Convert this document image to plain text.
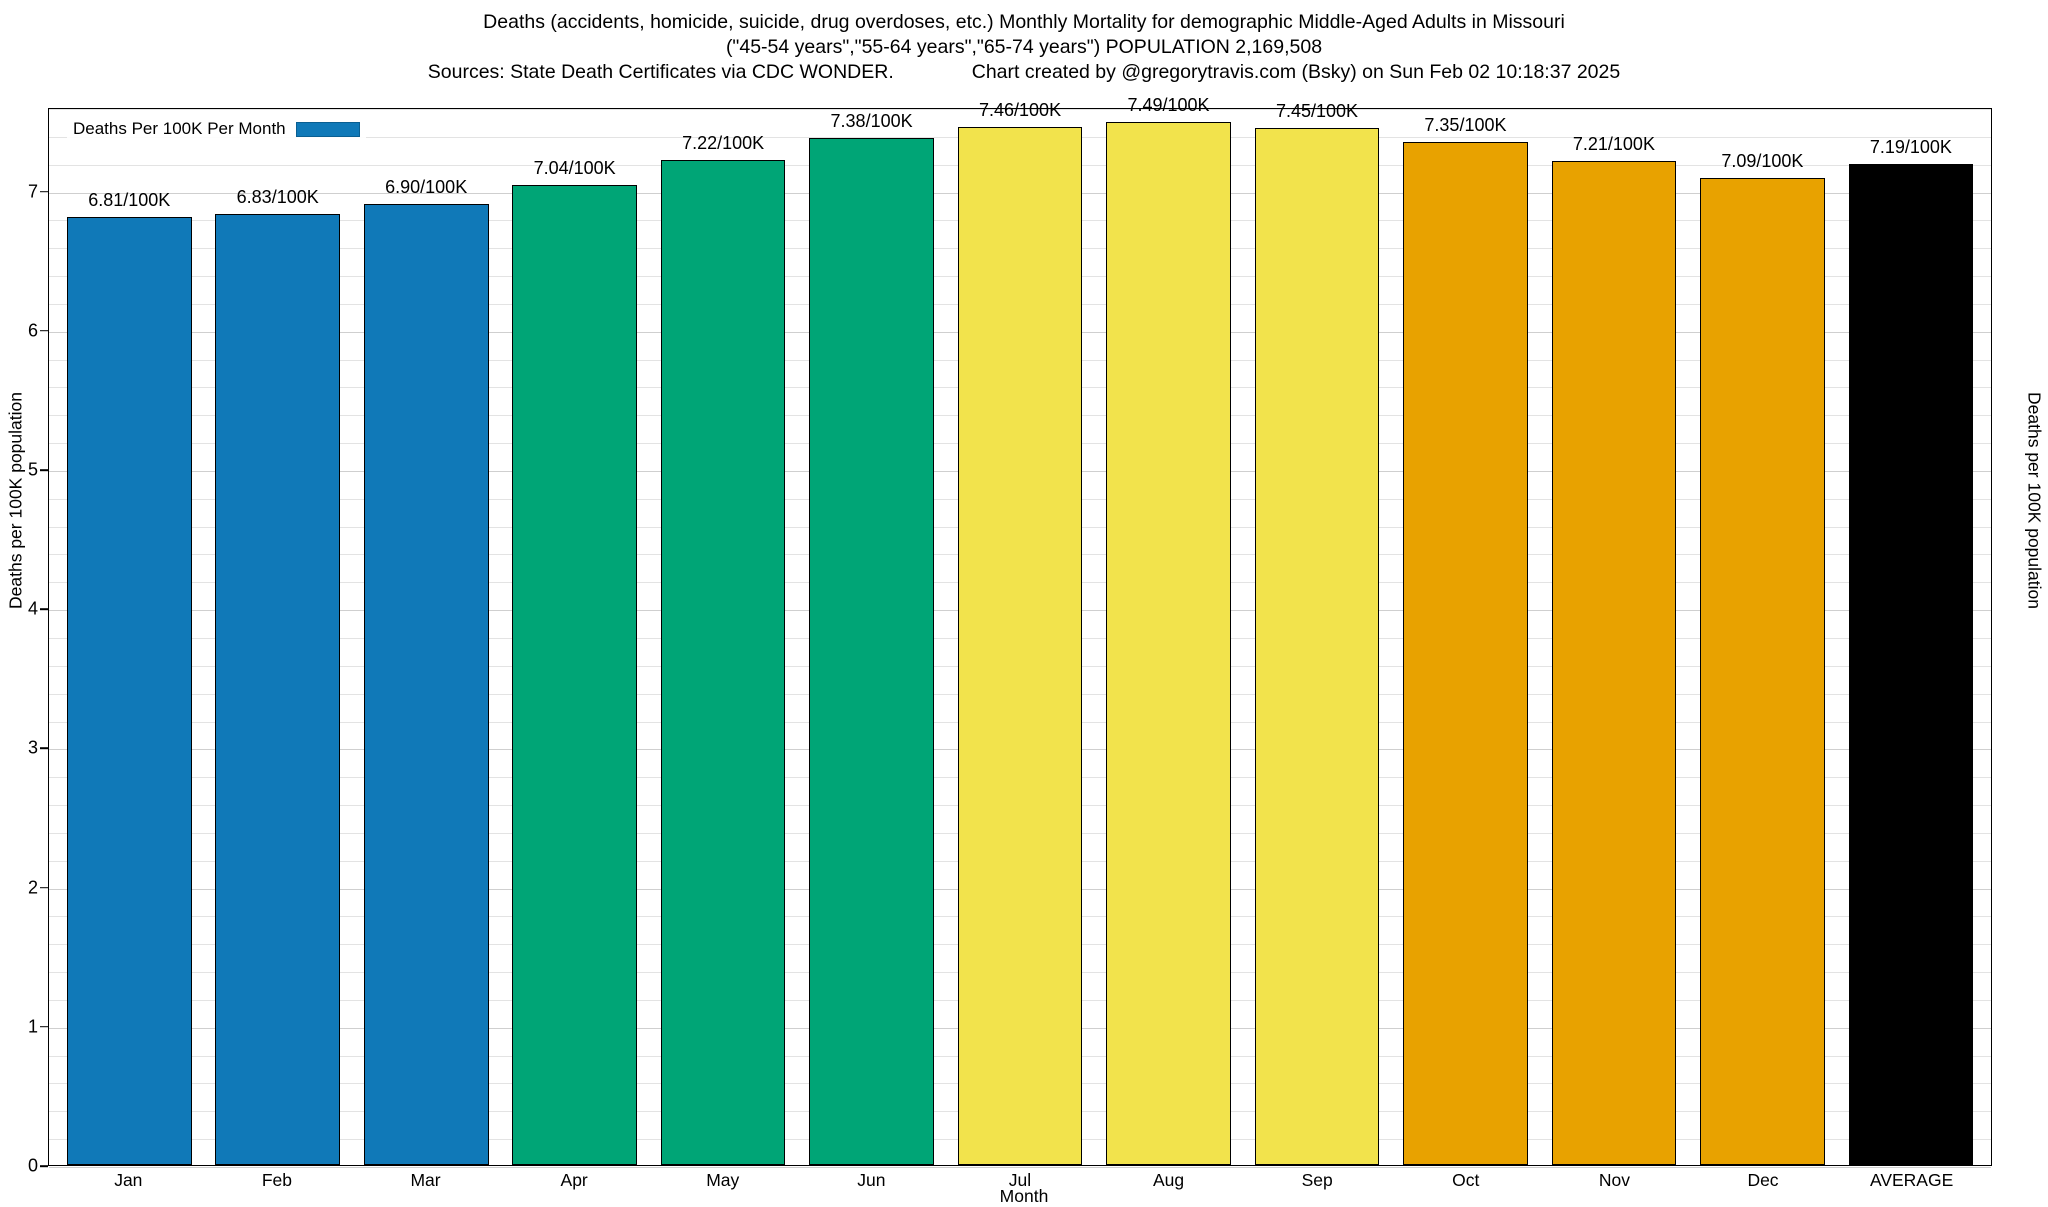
Deaths (accidents, homicide, suicide, drug overdoses, etc.) Monthly Mortality for demographic Middle-Aged Adults in Missouri
("45-54 years","55-64 years","65-74 years") POPULATION 2,169,508
Sources: State Death Certificates via CDC WONDER.	Chart created by @gregorytravis.com (Bsky) on Sun Feb 02 10:18:37 2025
0
1
2
3
4
5
6
7	6.81/100K	6.83/100K	6.90/100K
7.04/100K
7.22/100K
7.38/100K
7.46/100K	7.49/100K	7.45/100K
7.35/100K
7.21/100K
7.09/100K
7.19/100K
Deaths Per 100K Per Month
Jan	Feb	Mar	Apr	May	Jun	Jul	Aug	Sep	Oct	Nov	Dec	AVERAGE
Month
Deaths per 100K population	Deaths per 100K population
